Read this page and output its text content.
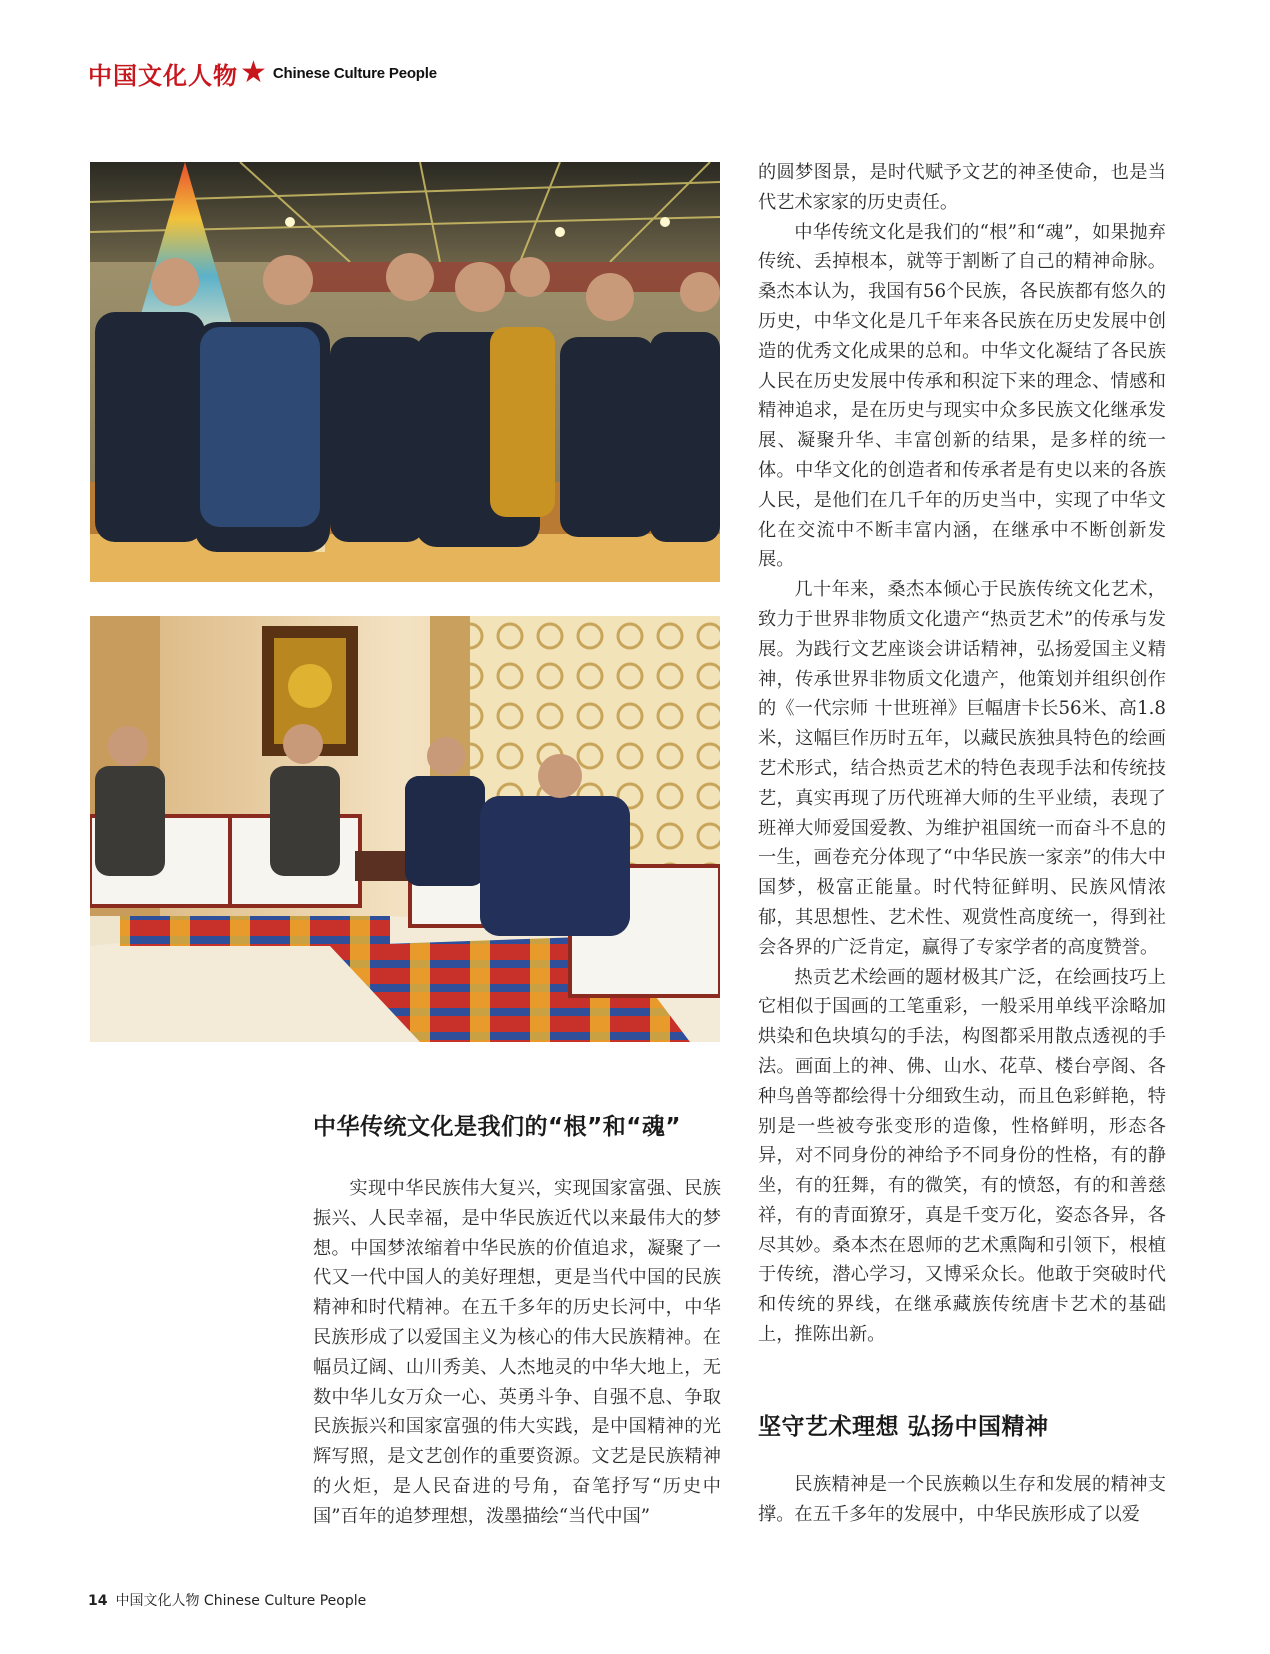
中国文化人物 ★ Chinese Culture People

的圆梦图景，是时代赋予文艺的神圣使命，也是当代艺术家家的历史责任。

中华传统文化是我们的“根”和“魂”，如果抛弃传统、丢掉根本，就等于割断了自己的精神命脉。桑杰本认为，我国有56个民族，各民族都有悠久的历史，中华文化是几千年来各民族在历史发展中创造的优秀文化成果的总和。中华文化凝结了各民族人民在历史发展中传承和积淀下来的理念、情感和精神追求，是在历史与现实中众多民族文化继承发展、凝聚升华、丰富创新的结果，是多样的统一体。中华文化的创造者和传承者是有史以来的各族人民，是他们在几千年的历史当中，实现了中华文化在交流中不断丰富内涵，在继承中不断创新发展。

几十年来，桑杰本倾心于民族传统文化艺术，致力于世界非物质文化遗产“热贡艺术”的传承与发展。为践行文艺座谈会讲话精神，弘扬爱国主义精神，传承世界非物质文化遗产，他策划并组织创作的《一代宗师 十世班禅》巨幅唐卡长56米、高1.8米，这幅巨作历时五年，以藏民族独具特色的绘画艺术形式，结合热贡艺术的特色表现手法和传统技艺，真实再现了历代班禅大师的生平业绩，表现了班禅大师爱国爱教、为维护祖国统一而奋斗不息的一生，画卷充分体现了“中华民族一家亲”的伟大中国梦，极富正能量。时代特征鲜明、民族风情浓郁，其思想性、艺术性、观赏性高度统一，得到社会各界的广泛肯定，赢得了专家学者的高度赞誉。

热贡艺术绘画的题材极其广泛，在绘画技巧上它相似于国画的工笔重彩，一般采用单线平涂略加烘染和色块填勾的手法，构图都采用散点透视的手法。画面上的神、佛、山水、花草、楼台亭阁、各种鸟兽等都绘得十分细致生动，而且色彩鲜艳，特别是一些被夸张变形的造像，性格鲜明，形态各异，对不同身份的神给予不同身份的性格，有的静坐，有的狂舞，有的微笑，有的愤怒，有的和善慈祥，有的青面獠牙，真是千变万化，姿态各异，各尽其妙。桑本杰在恩师的艺术熏陶和引领下，根植于传统，潜心学习，又博采众长。他敢于突破时代和传统的界线，在继承藏族传统唐卡艺术的基础上，推陈出新。

中华传统文化是我们的“根”和“魂”

实现中华民族伟大复兴，实现国家富强、民族振兴、人民幸福，是中华民族近代以来最伟大的梦想。中国梦浓缩着中华民族的价值追求，凝聚了一代又一代中国人的美好理想，更是当代中国的民族精神和时代精神。在五千多年的历史长河中，中华民族形成了以爱国主义为核心的伟大民族精神。在幅员辽阔、山川秀美、人杰地灵的中华大地上，无数中华儿女万众一心、英勇斗争、自强不息、争取民族振兴和国家富强的伟大实践，是中国精神的光辉写照，是文艺创作的重要资源。文艺是民族精神的火炬，是人民奋进的号角，奋笔抒写“历史中国”百年的追梦理想，泼墨描绘“当代中国”

坚守艺术理想 弘扬中国精神

民族精神是一个民族赖以生存和发展的精神支撑。在五千多年的发展中，中华民族形成了以爱

14 中国文化人物 Chinese Culture People
